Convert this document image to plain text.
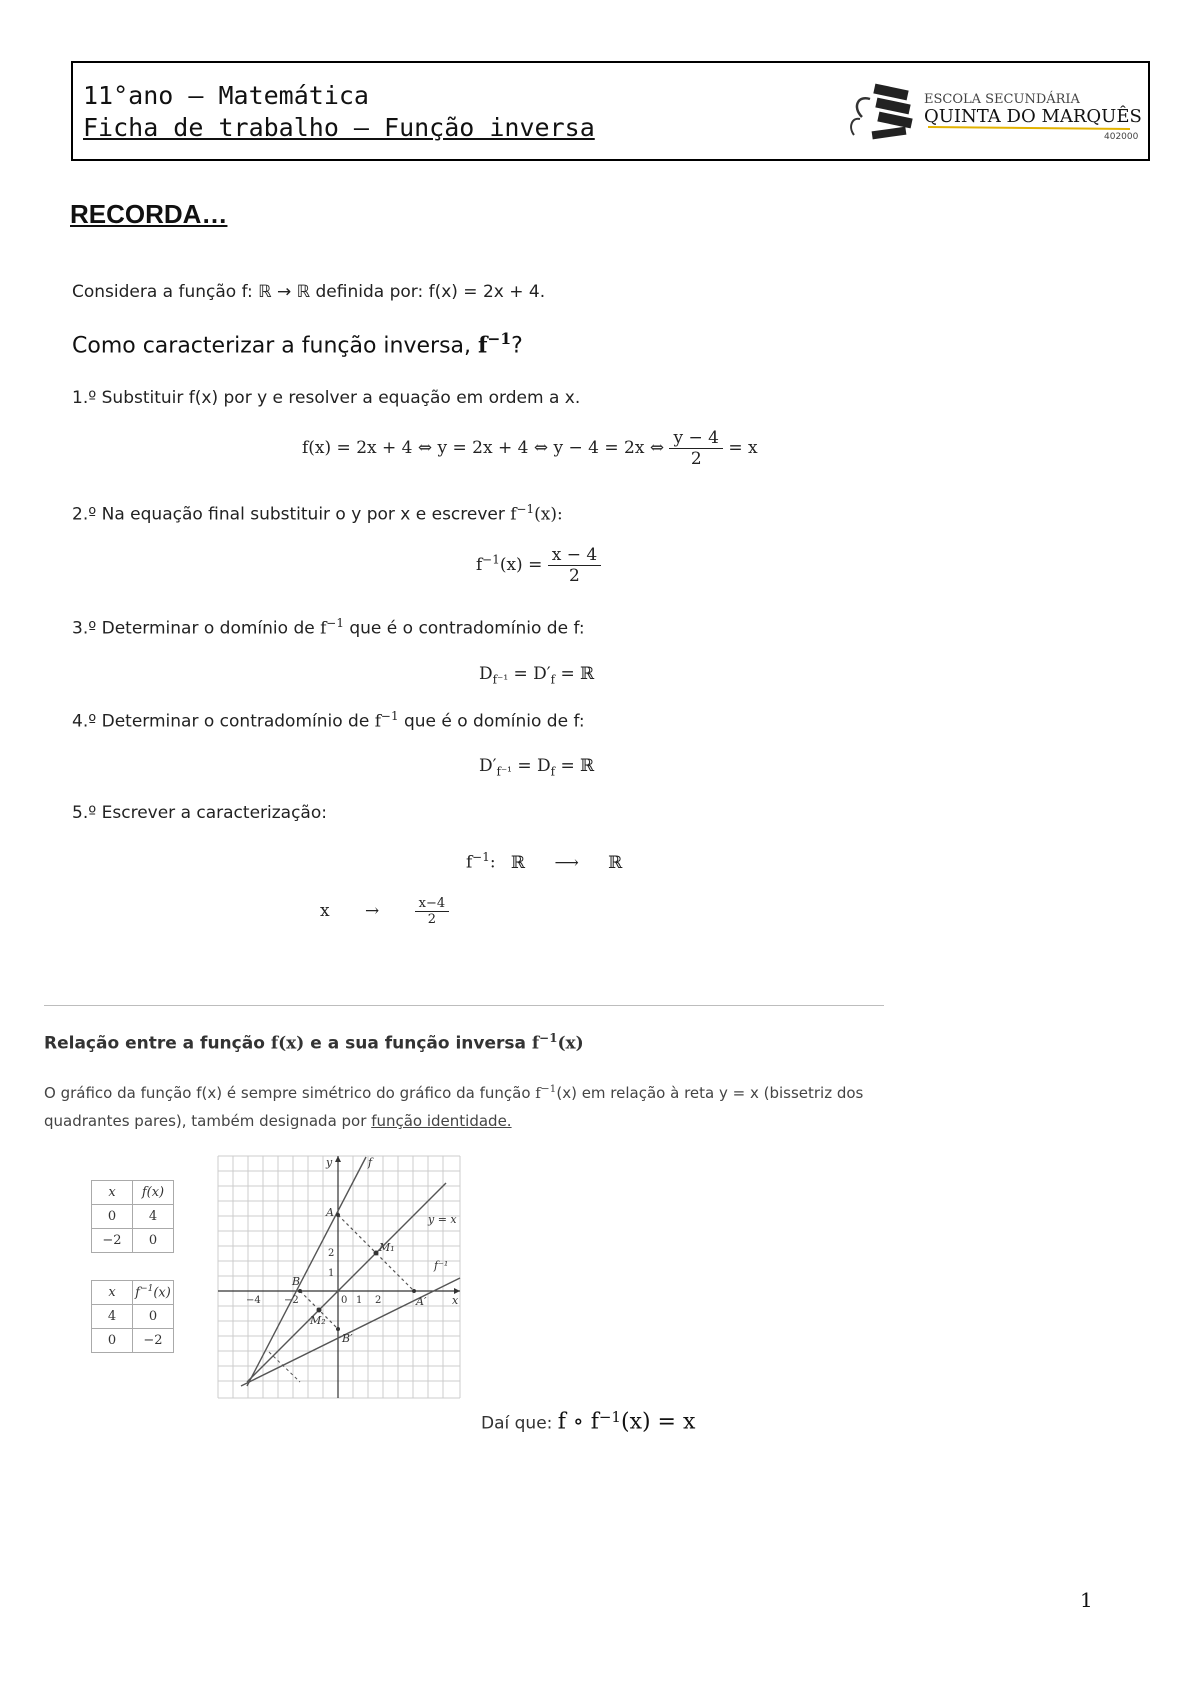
11°ano – Matemática
Ficha de trabalho – Função inversa
ESCOLA SECUNDÁRIA
QUINTA DO MARQUÊS
402000
RECORDA…
Considera a função f: ℝ → ℝ definida por: f(x) = 2x + 4.
Como caracterizar a função inversa, $f^{-1}$?
1.º Substituir f(x) por y e resolver a equação em ordem a x.
f(x) = 2x + 4 ⇔ y = 2x + 4 ⇔ y − 4 = 2x ⇔ $\frac{y - 4}{2} = x$
2.º Na equação final substituir o y por x e escrever $f^{-1}(x)$:
$f^{-1}(x) = \frac{x - 4}{2}$
3.º Determinar o domínio de $f^{-1}$ que é o contradomínio de f:
$D_{f^{-1}} = D'_f$ = ℝ
4.º Determinar o contradomínio de $f^{-1}$ que é o domínio de f:
$D'_{f^{-1}} = D_f$ = ℝ
5.º Escrever a caracterização:
$f^{-1}$: ℝ ⟶ ℝ
x →	$\frac{x-4}{2}$
Relação entre a função f(x) e a sua função inversa $f^{-1}(x)$
O gráfico da função f(x) é sempre simétrico do gráfico da função $f^{-1}(x)$ em relação à reta y = x (bissetriz dos quadrantes pares), também designada por função identidade.
x	f(x)
0	4
−2	0
x	$f^{-1}(x)$
4	0
0	−2
y
x
f
f⁻¹
y = x
A
B
A′
B′
M₁
M₂
−4 −2	0 1 2
2
1
Daí que: f ∘ $f^{-1}(x) = x$
1
